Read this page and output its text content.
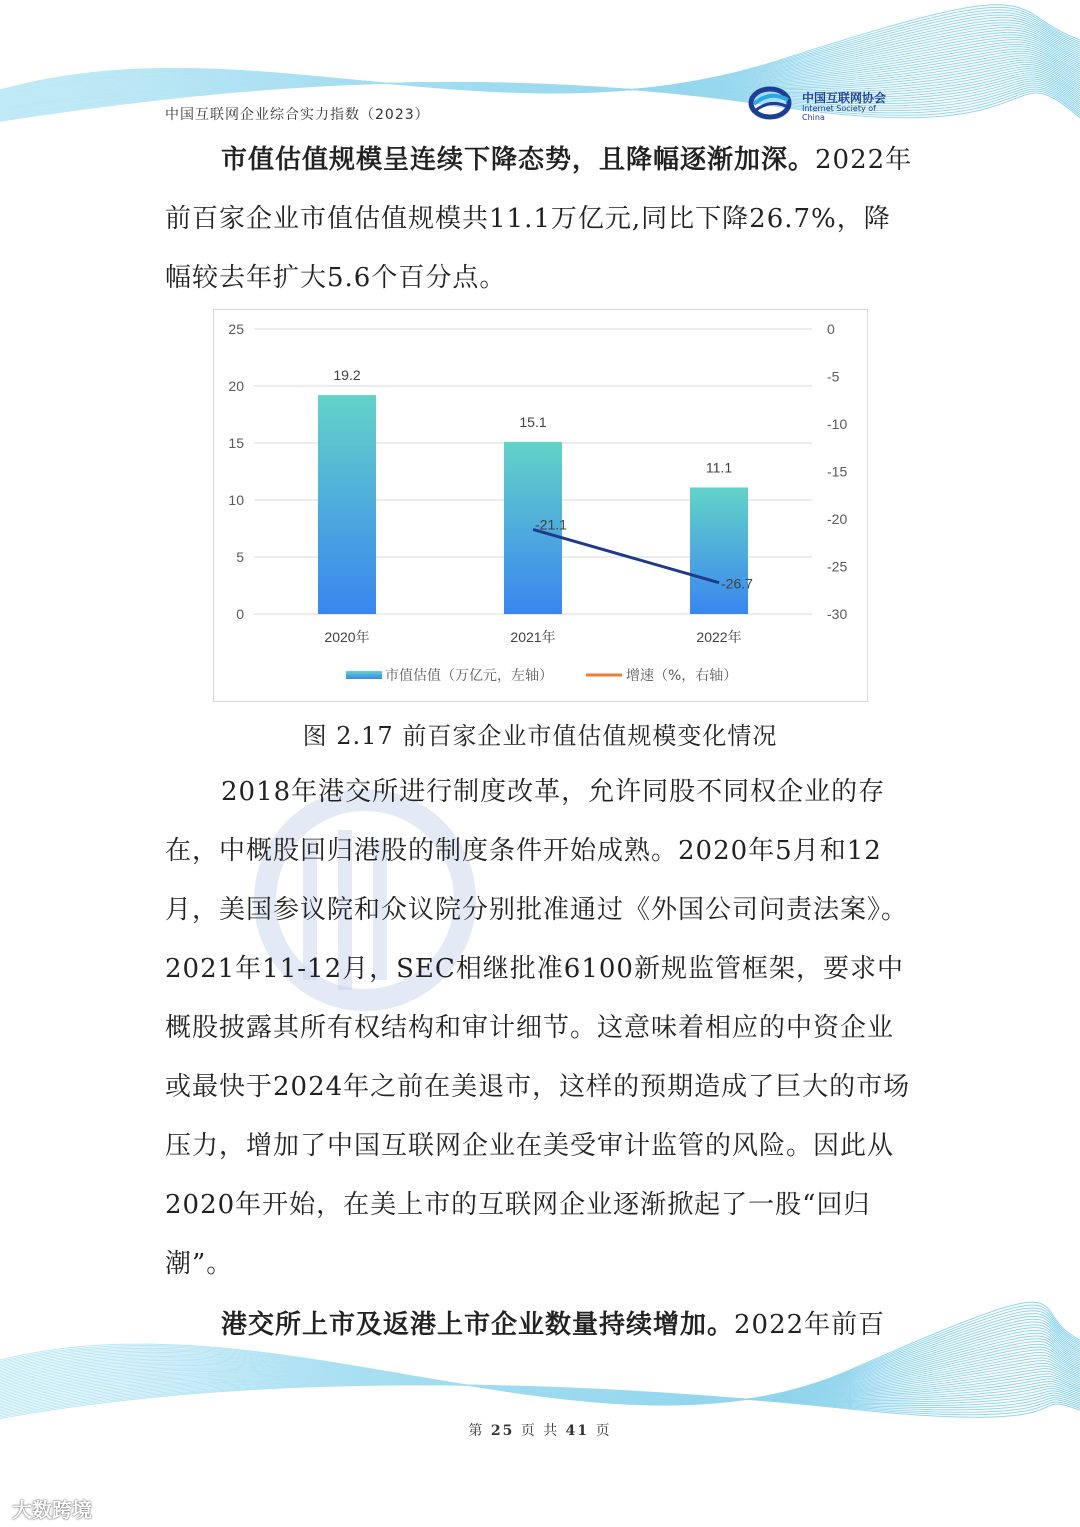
中国互联网企业综合实力指数（2023）
中国互联网协会
Internet Society of China
市值估值规模呈连续下降态势，且降幅逐渐加深。2022年前百家企业市值估值规模共11.1万亿元,同比下降26.7%，降幅较去年扩大5.6个百分点。
0
5
10
15
20
25
-30
-25
-20
-15
-10
-5
0
19.2
2020年
15.1
2021年
11.1
2022年
-21.1
-26.7
市值估值（万亿元，左轴）	增速（%，右轴）
图 2.17 前百家企业市值估值规模变化情况
2018年港交所进行制度改革，允许同股不同权企业的存在，中概股回归港股的制度条件开始成熟。2020年5月和12月，美国参议院和众议院分别批准通过《外国公司问责法案》。2021年11-12月，SEC相继批准6100新规监管框架，要求中概股披露其所有权结构和审计细节。这意味着相应的中资企业或最快于2024年之前在美退市，这样的预期造成了巨大的市场压力，增加了中国互联网企业在美受审计监管的风险。因此从2020年开始，在美上市的互联网企业逐渐掀起了一股“回归潮”。
港交所上市及返港上市企业数量持续增加。2022年前百
第 25 页 共 41 页
大数跨境
